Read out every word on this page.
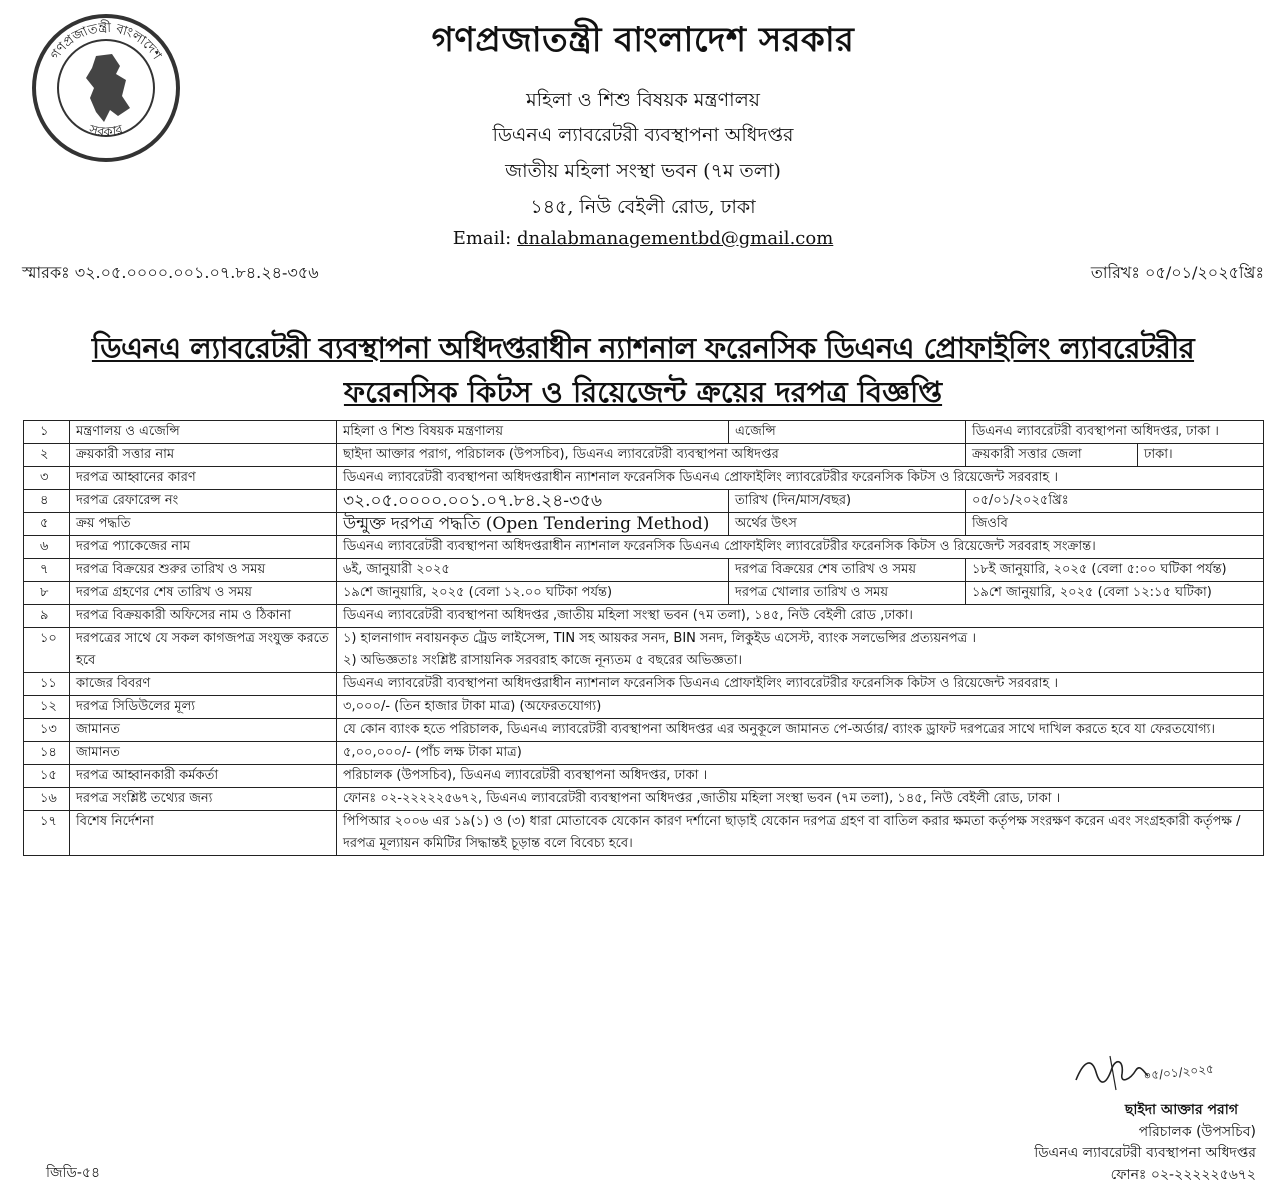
গণপ্রজাতন্ত্রী বাংলাদেশ
সরকার
গণপ্রজাতন্ত্রী বাংলাদেশ সরকার
মহিলা ও শিশু বিষয়ক মন্ত্রণালয়
ডিএনএ ল্যাবরেটরী ব্যবস্থাপনা অধিদপ্তর
জাতীয় মহিলা সংস্থা ভবন (৭ম তলা)
১৪৫, নিউ বেইলী রোড, ঢাকা
Email: dnalabmanagementbd@gmail.com
স্মারকঃ ৩২.০৫.০০০০.০০১.০৭.৮৪.২৪-৩৫৬	তারিখঃ ০৫/০১/২০২৫খ্রিঃ
ডিএনএ ল্যাবরেটরী ব্যবস্থাপনা অধিদপ্তরাধীন ন্যাশনাল ফরেনসিক ডিএনএ প্রোফাইলিং ল্যাবরেটরীর
ফরেনসিক কিটস ও রিয়েজেন্ট ক্রয়ের দরপত্র বিজ্ঞপ্তি
১	মন্ত্রণালয় ও এজেন্সি	মহিলা ও শিশু বিষয়ক মন্ত্রণালয়	এজেন্সি	ডিএনএ ল্যাবরেটরী ব্যবস্থাপনা অধিদপ্তর, ঢাকা ।	
২	ক্রয়কারী সত্তার নাম	ছাইদা আক্তার পরাগ, পরিচালক (উপসচিব), ডিএনএ ল্যাবরেটরী ব্যবস্থাপনা অধিদপ্তর		ক্রয়কারী সত্তার জেলা	ঢাকা।
৩	দরপত্র আহ্বানের কারণ	ডিএনএ ল্যাবরেটরী ব্যবস্থাপনা অধিদপ্তরাধীন ন্যাশনাল ফরেনসিক ডিএনএ প্রোফাইলিং ল্যাবরেটরীর ফরেনসিক কিটস ও রিয়েজেন্ট সরবরাহ ।			
৪	দরপত্র রেফারেন্স নং	৩২.০৫.০০০০.০০১.০৭.৮৪.২৪-৩৫৬	তারিখ (দিন/মাস/বছর)	০৫/০১/২০২৫খ্রিঃ	
৫	ক্রয় পদ্ধতি	উন্মুক্ত দরপত্র পদ্ধতি (Open Tendering Method)	অর্থের উৎস	জিওবি	
৬	দরপত্র প্যাকেজের নাম	ডিএনএ ল্যাবরেটরী ব্যবস্থাপনা অধিদপ্তরাধীন ন্যাশনাল ফরেনসিক ডিএনএ প্রোফাইলিং ল্যাবরেটরীর ফরেনসিক কিটস ও রিয়েজেন্ট সরবরাহ সংক্রান্ত।			
৭	দরপত্র বিক্রয়ের শুরুর তারিখ ও সময়	৬ই, জানুয়ারী ২০২৫	দরপত্র বিক্রয়ের শেষ তারিখ ও সময়	১৮ই জানুয়ারি, ২০২৫ (বেলা ৫:০০ ঘটিকা পর্যন্ত)	
৮	দরপত্র গ্রহণের শেষ তারিখ ও সময়	১৯শে জানুয়ারি, ২০২৫ (বেলা ১২.০০ ঘটিকা পর্যন্ত)	দরপত্র খোলার তারিখ ও সময়	১৯শে জানুয়ারি, ২০২৫ (বেলা ১২:১৫ ঘটিকা)	
৯	দরপত্র বিক্রয়কারী অফিসের নাম ও ঠিকানা	ডিএনএ ল্যাবরেটরী ব্যবস্থাপনা অধিদপ্তর ,জাতীয় মহিলা সংস্থা ভবন (৭ম তলা), ১৪৫, নিউ বেইলী রোড ,ঢাকা।			
১০	দরপত্রের সাথে যে সকল কাগজপত্র সংযুক্ত করতে হবে	১) হালনাগাদ নবায়নকৃত ট্রেড লাইসেন্স, TIN সহ আয়কর সনদ, BIN সনদ, লিকুইড এসেস্ট, ব্যাংক সলভেন্সির প্রত্যয়নপত্র ।
২) অভিজ্ঞতাঃ সংশ্লিষ্ট রাসায়নিক সরবরাহ কাজে নূন্যতম ৫ বছরের অভিজ্ঞতা।			

১১	কাজের বিবরণ	ডিএনএ ল্যাবরেটরী ব্যবস্থাপনা অধিদপ্তরাধীন ন্যাশনাল ফরেনসিক ডিএনএ প্রোফাইলিং ল্যাবরেটরীর ফরেনসিক কিটস ও রিয়েজেন্ট সরবরাহ ।			
১২	দরপত্র সিডিউলের মূল্য	৩,০০০/- (তিন হাজার টাকা মাত্র) (অফেরতযোগ্য)			
১৩	জামানত	যে কোন ব্যাংক হতে পরিচালক, ডিএনএ ল্যাবরেটরী ব্যবস্থাপনা অধিদপ্তর এর অনুকূলে জামানত পে-অর্ডার/ ব্যাংক ড্রাফট দরপত্রের সাথে দাখিল করতে হবে যা ফেরতযোগ্য।			
১৪	জামানত	৫,০০,০০০/- (পাঁচ লক্ষ টাকা মাত্র)			
১৫	দরপত্র আহ্বানকারী কর্মকর্তা	পরিচালক (উপসচিব), ডিএনএ ল্যাবরেটরী ব্যবস্থাপনা অধিদপ্তর, ঢাকা ।			
১৬	দরপত্র সংশ্লিষ্ট তথ্যের জন্য	ফোনঃ ০২-২২২২২৫৬৭২, ডিএনএ ল্যাবরেটরী ব্যবস্থাপনা অধিদপ্তর ,জাতীয় মহিলা সংস্থা ভবন (৭ম তলা), ১৪৫, নিউ বেইলী রোড, ঢাকা ।			
১৭	বিশেষ নির্দেশনা	পিপিআর ২০০৬ এর ১৯(১) ও (৩) ধারা মোতাবেক যেকোন কারণ দর্শানো ছাড়াই যেকোন দরপত্র গ্রহণ বা বাতিল করার ক্ষমতা কর্তৃপক্ষ সংরক্ষণ করেন এবং সংগ্রহকারী কর্তৃপক্ষ / দরপত্র মূল্যায়ন কমিটির সিদ্ধান্তই চূড়ান্ত বলে বিবেচ্য হবে।			
০৫/০১/২০২৫
ছাইদা আক্তার পরাগ
পরিচালক (উপসচিব)
ডিএনএ ল্যাবরেটরী ব্যবস্থাপনা অধিদপ্তর
ফোনঃ ০২-২২২২২৫৬৭২
জিডি-৫৪
